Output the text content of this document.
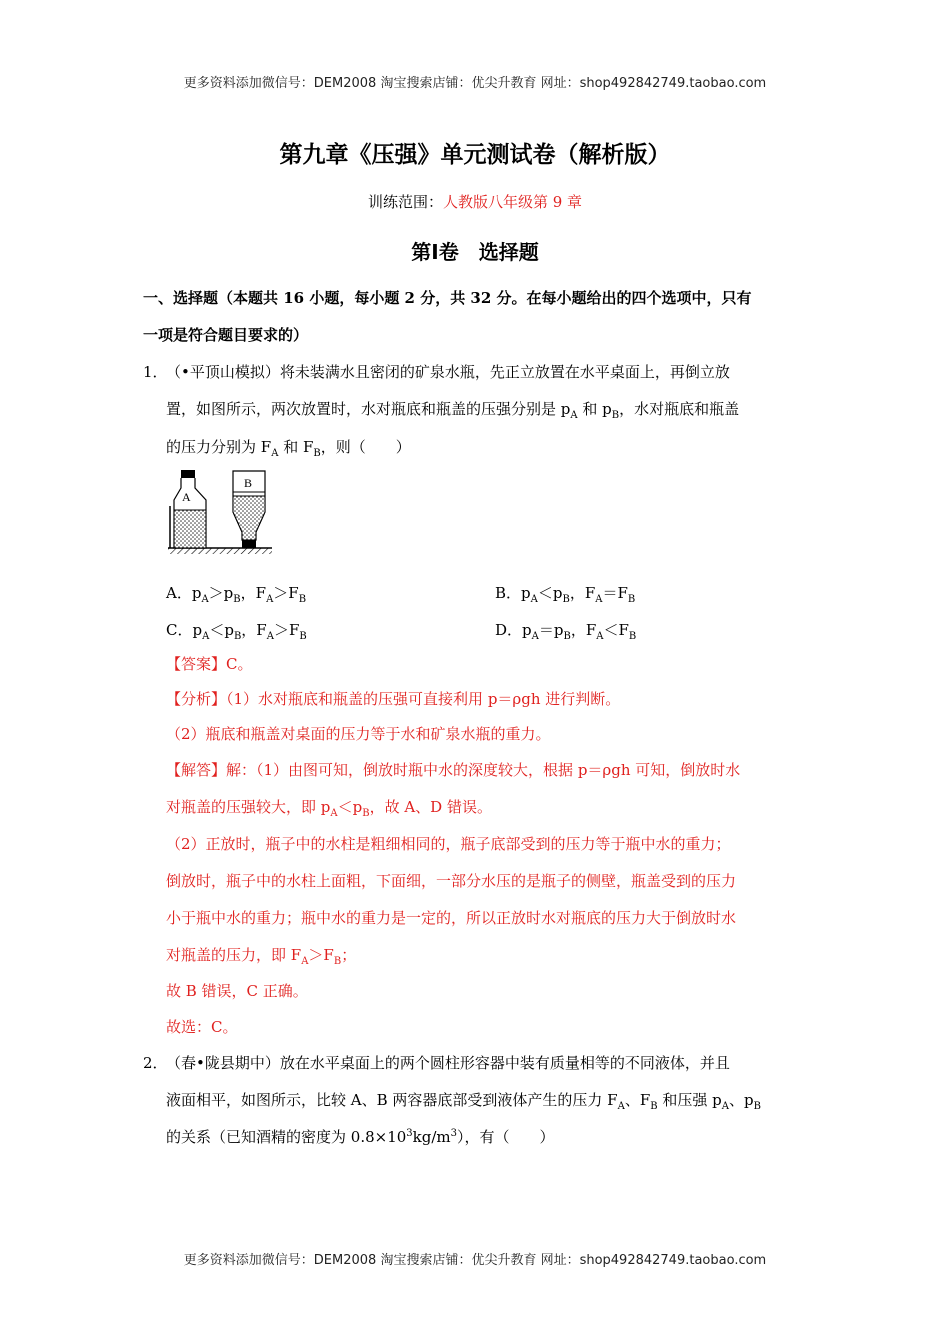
更多资料添加微信号：DEM2008 淘宝搜索店铺：优尖升教育 网址：shop492842749.taobao.com
第九章《压强》单元测试卷（解析版）
训练范围：人教版八年级第 9 章
第Ⅰ卷　选择题
一、选择题（本题共 16 小题，每小题 2 分，共 32 分。在每小题给出的四个选项中，只有
一项是符合题目要求的）
1．
（•平顶山模拟）将未装满水且密闭的矿泉水瓶，先正立放置在水平桌面上，再倒立放
置，如图所示，两次放置时，水对瓶底和瓶盖的压强分别是 $p_A$ 和 $p_B$，水对瓶底和瓶盖
的压力分别为 $F_A$ 和 $F_B$，则（　　）
A
B
A．$p_A>p_B$，$F_A>F_B$	B．$p_A<p_B$，$F_A=F_B$
C．$p_A<p_B$，$F_A>F_B$	D．$p_A=p_B$，$F_A<F_B$
【答案】C。
【分析】（1）水对瓶底和瓶盖的压强可直接利用 p＝ρgh 进行判断。
（2）瓶底和瓶盖对桌面的压力等于水和矿泉水瓶的重力。
【解答】解：（1）由图可知，倒放时瓶中水的深度较大，根据 p＝ρgh 可知，倒放时水
对瓶盖的压强较大，即 $p_A<p_B$，故 A、D 错误。
（2）正放时，瓶子中的水柱是粗细相同的，瓶子底部受到的压力等于瓶中水的重力；
倒放时，瓶子中的水柱上面粗，下面细，一部分水压的是瓶子的侧壁，瓶盖受到的压力
小于瓶中水的重力；瓶中水的重力是一定的，所以正放时水对瓶底的压力大于倒放时水
对瓶盖的压力，即 $F_A>F_B$；
故 B 错误，C 正确。
故选：C。
2．
（春•陇县期中）放在水平桌面上的两个圆柱形容器中装有质量相等的不同液体，并且
液面相平，如图所示，比较 A、B 两容器底部受到液体产生的压力 $F_A$、$F_B$ 和压强 $p_A$、$p_B$
的关系（已知酒精的密度为 $0.8\times 10^3kg/m^3$），有（　　）
更多资料添加微信号：DEM2008 淘宝搜索店铺：优尖升教育 网址：shop492842749.taobao.com
